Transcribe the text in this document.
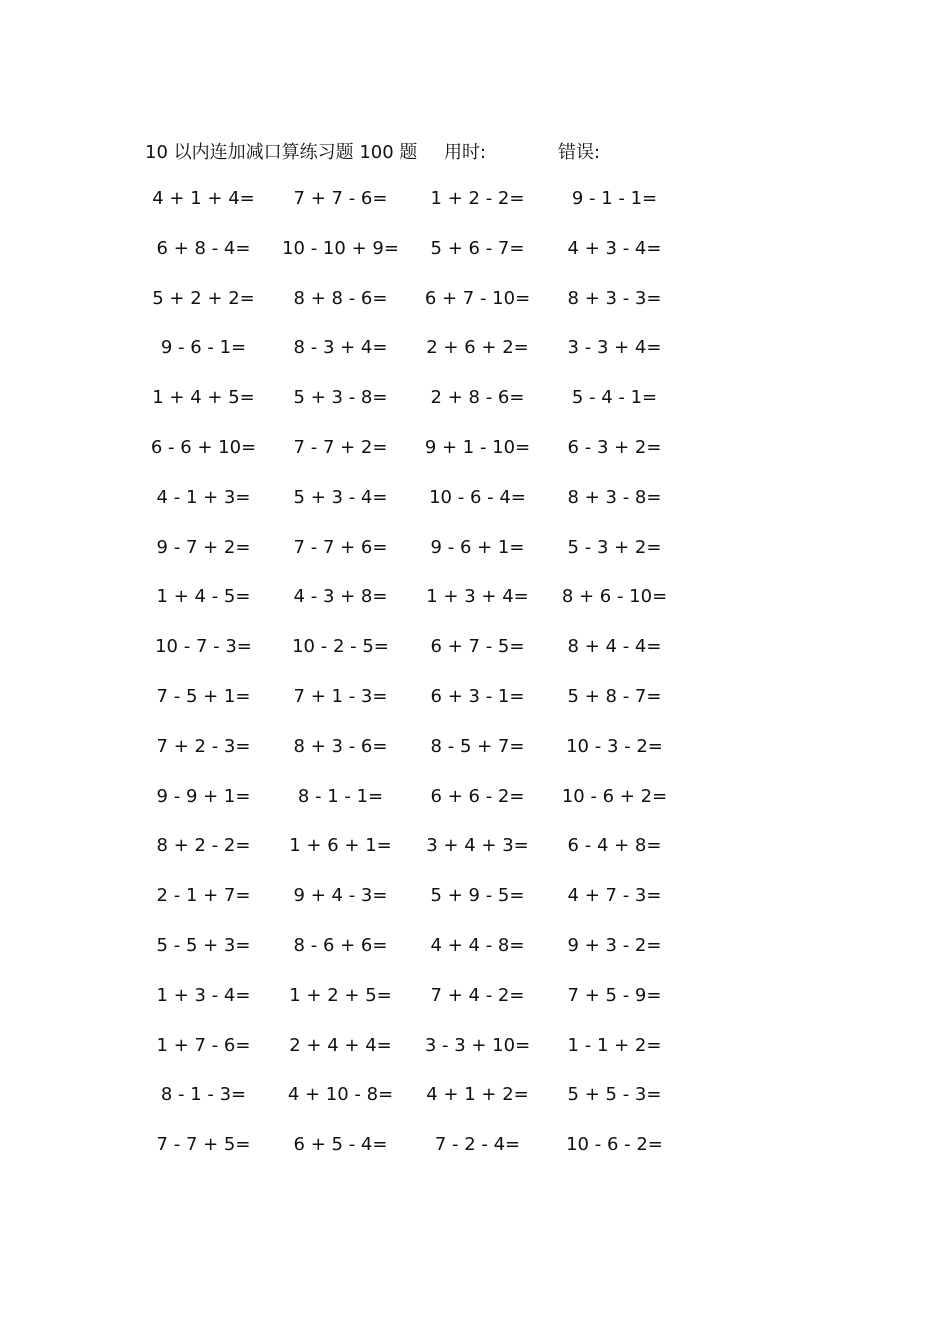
10 以内连加减口算练习题 100 题 用时:	错误:
4 + 1 + 4=	7 + 7 - 6=	1 + 2 - 2=	9 - 1 - 1=
6 + 8 - 4=	10 - 10 + 9=	5 + 6 - 7=	4 + 3 - 4=
5 + 2 + 2=	8 + 8 - 6=	6 + 7 - 10=	8 + 3 - 3=
9 - 6 - 1=	8 - 3 + 4=	2 + 6 + 2=	3 - 3 + 4=
1 + 4 + 5=	5 + 3 - 8=	2 + 8 - 6=	5 - 4 - 1=
6 - 6 + 10=	7 - 7 + 2=	9 + 1 - 10=	6 - 3 + 2=
4 - 1 + 3=	5 + 3 - 4=	10 - 6 - 4=	8 + 3 - 8=
9 - 7 + 2=	7 - 7 + 6=	9 - 6 + 1=	5 - 3 + 2=
1 + 4 - 5=	4 - 3 + 8=	1 + 3 + 4=	8 + 6 - 10=
10 - 7 - 3=	10 - 2 - 5=	6 + 7 - 5=	8 + 4 - 4=
7 - 5 + 1=	7 + 1 - 3=	6 + 3 - 1=	5 + 8 - 7=
7 + 2 - 3=	8 + 3 - 6=	8 - 5 + 7=	10 - 3 - 2=
9 - 9 + 1=	8 - 1 - 1=	6 + 6 - 2=	10 - 6 + 2=
8 + 2 - 2=	1 + 6 + 1=	3 + 4 + 3=	6 - 4 + 8=
2 - 1 + 7=	9 + 4 - 3=	5 + 9 - 5=	4 + 7 - 3=
5 - 5 + 3=	8 - 6 + 6=	4 + 4 - 8=	9 + 3 - 2=
1 + 3 - 4=	1 + 2 + 5=	7 + 4 - 2=	7 + 5 - 9=
1 + 7 - 6=	2 + 4 + 4=	3 - 3 + 10=	1 - 1 + 2=
8 - 1 - 3=	4 + 10 - 8=	4 + 1 + 2=	5 + 5 - 3=
7 - 7 + 5=	6 + 5 - 4=	7 - 2 - 4=	10 - 6 - 2=
